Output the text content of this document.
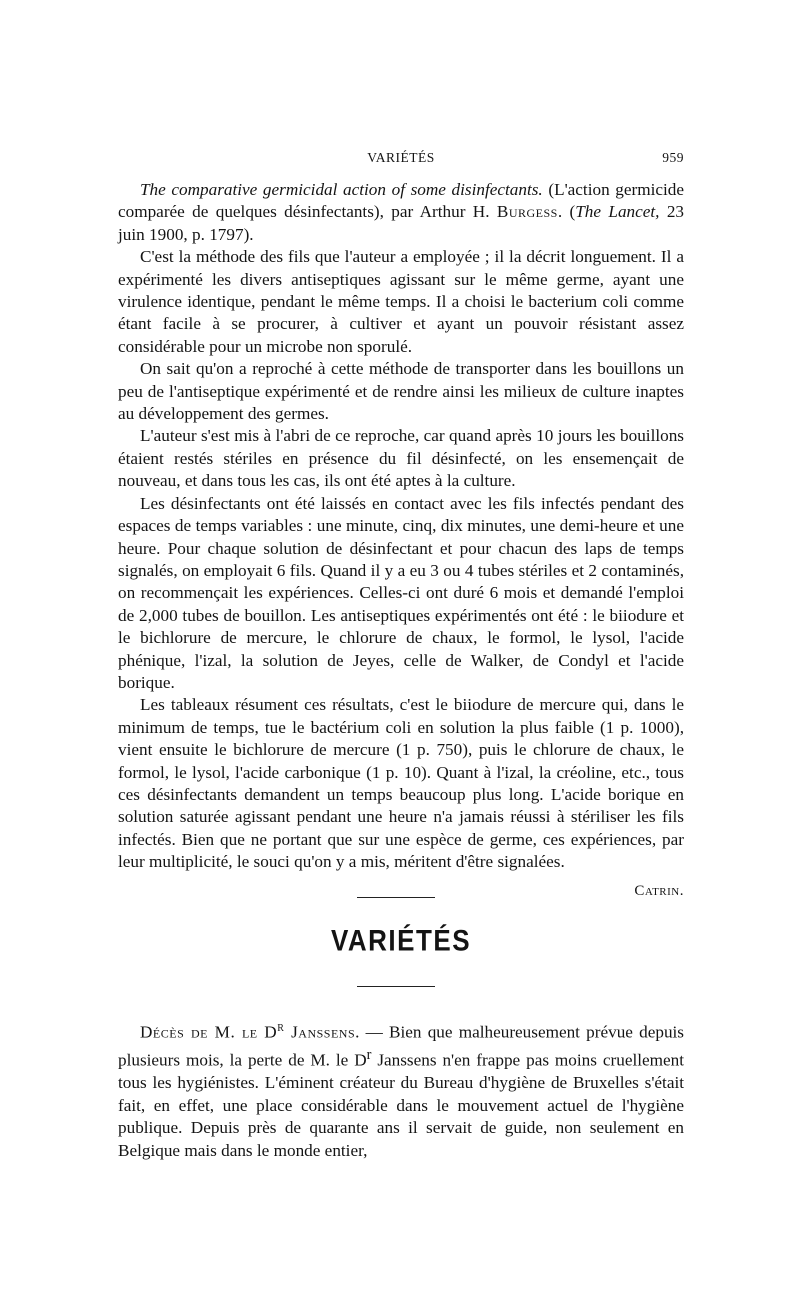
VARIÉTÉS	959

The comparative germicidal action of some disinfectants. (L'action germicide comparée de quelques désinfectants), par Arthur H. Burgess. (The Lancet, 23 juin 1900, p. 1797).

C'est la méthode des fils que l'auteur a employée ; il la décrit longuement. Il a expérimenté les divers antiseptiques agissant sur le même germe, ayant une virulence identique, pendant le même temps. Il a choisi le bacterium coli comme étant facile à se procurer, à cultiver et ayant un pouvoir résistant assez considérable pour un microbe non sporulé.

On sait qu'on a reproché à cette méthode de transporter dans les bouillons un peu de l'antiseptique expérimenté et de rendre ainsi les milieux de culture inaptes au développement des germes.

L'auteur s'est mis à l'abri de ce reproche, car quand après 10 jours les bouillons étaient restés stériles en présence du fil désinfecté, on les ensemençait de nouveau, et dans tous les cas, ils ont été aptes à la culture.

Les désinfectants ont été laissés en contact avec les fils infectés pendant des espaces de temps variables : une minute, cinq, dix minutes, une demi-heure et une heure. Pour chaque solution de désinfectant et pour chacun des laps de temps signalés, on employait 6 fils. Quand il y a eu 3 ou 4 tubes stériles et 2 contaminés, on recommençait les expériences. Celles-ci ont duré 6 mois et demandé l'emploi de 2,000 tubes de bouillon. Les antiseptiques expérimentés ont été : le biiodure et le bichlorure de mercure, le chlorure de chaux, le formol, le lysol, l'acide phénique, l'izal, la solution de Jeyes, celle de Walker, de Condyl et l'acide borique.

Les tableaux résument ces résultats, c'est le biiodure de mercure qui, dans le minimum de temps, tue le bactérium coli en solution la plus faible (1 p. 1000), vient ensuite le bichlorure de mercure (1 p. 750), puis le chlorure de chaux, le formol, le lysol, l'acide carbonique (1 p. 10). Quant à l'izal, la créoline, etc., tous ces désinfectants demandent un temps beaucoup plus long. L'acide borique en solution saturée agissant pendant une heure n'a jamais réussi à stériliser les fils infectés. Bien que ne portant que sur une espèce de germe, ces expériences, par leur multiplicité, le souci qu'on y a mis, méritent d'être signalées.

Catrin.

VARIÉTÉS

Décès de M. le $D^r$ Janssens. — Bien que malheureusement prévue depuis plusieurs mois, la perte de M. le $D^r$ Janssens n'en frappe pas moins cruellement tous les hygiénistes. L'éminent créateur du Bureau d'hygiène de Bruxelles s'était fait, en effet, une place considérable dans le mouvement actuel de l'hygiène publique. Depuis près de quarante ans il servait de guide, non seulement en Belgique mais dans le monde entier,
